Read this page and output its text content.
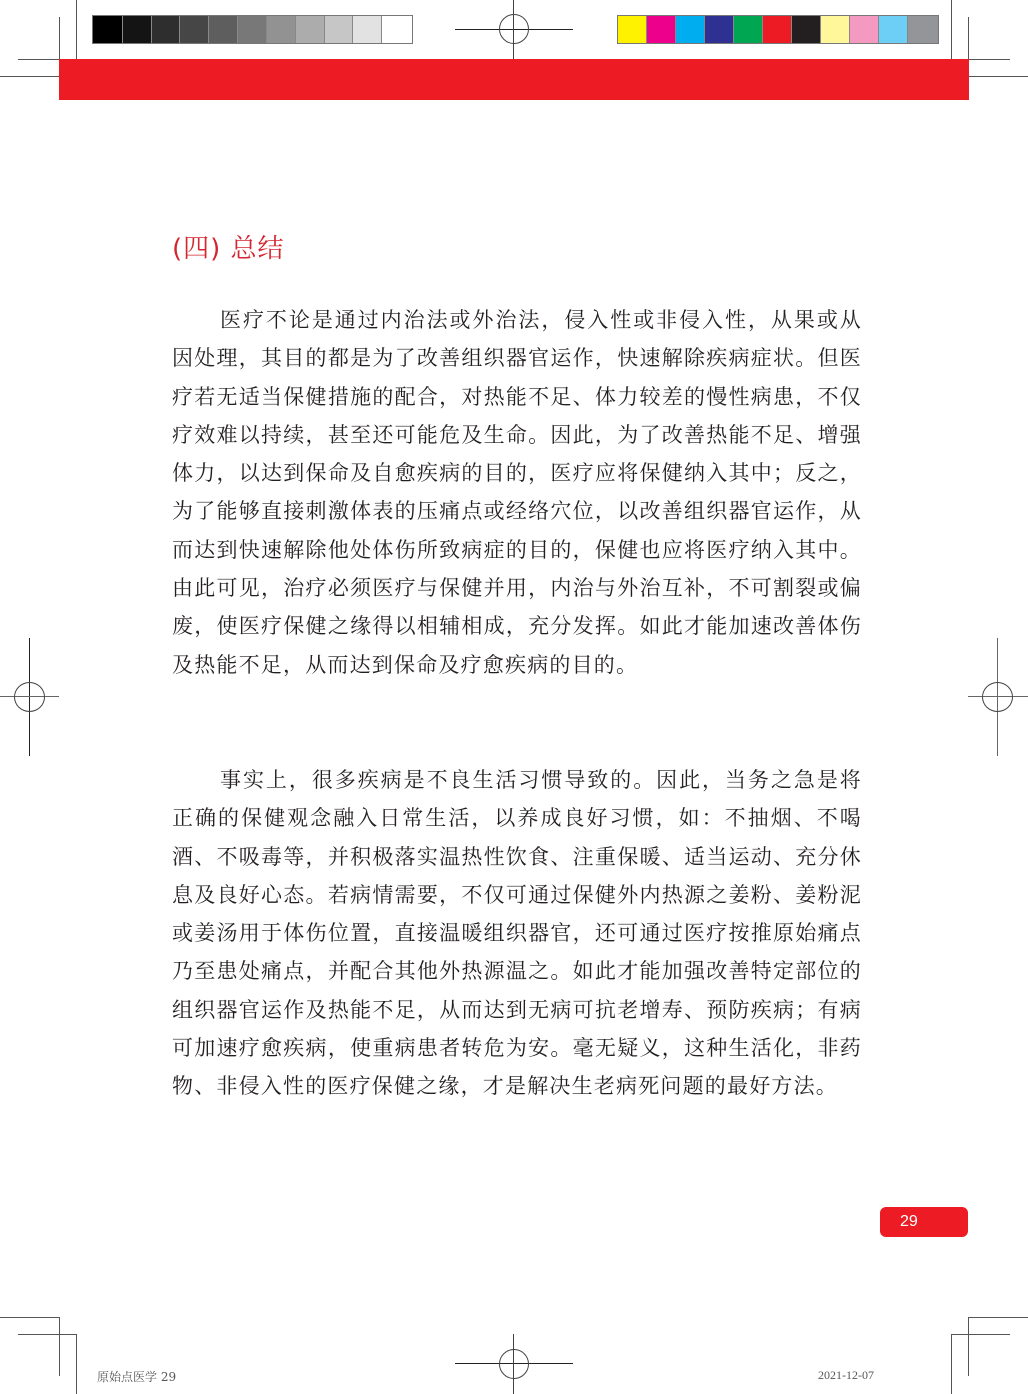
(四) 总结

医疗不论是通过内治法或外治法，侵入性或非侵入性，从果或从因处理，其目的都是为了改善组织器官运作，快速解除疾病症状。但医疗若无适当保健措施的配合，对热能不足、体力较差的慢性病患，不仅疗效难以持续，甚至还可能危及生命。因此，为了改善热能不足、增强体力，以达到保命及自愈疾病的目的，医疗应将保健纳入其中；反之，为了能够直接刺激体表的压痛点或经络穴位，以改善组织器官运作，从而达到快速解除他处体伤所致病症的目的，保健也应将医疗纳入其中。由此可见，治疗必须医疗与保健并用，内治与外治互补，不可割裂或偏废，使医疗保健之缘得以相辅相成，充分发挥。如此才能加速改善体伤及热能不足，从而达到保命及疗愈疾病的目的。

事实上，很多疾病是不良生活习惯导致的。因此，当务之急是将正确的保健观念融入日常生活，以养成良好习惯，如：不抽烟、不喝酒、不吸毒等，并积极落实温热性饮食、注重保暖、适当运动、充分休息及良好心态。若病情需要，不仅可通过保健外内热源之姜粉、姜粉泥或姜汤用于体伤位置，直接温暖组织器官，还可通过医疗按推原始痛点乃至患处痛点，并配合其他外热源温之。如此才能加强改善特定部位的组织器官运作及热能不足，从而达到无病可抗老增寿、预防疾病；有病可加速疗愈疾病，使重病患者转危为安。毫无疑义，这种生活化，非药物、非侵入性的医疗保健之缘，才是解决生老病死问题的最好方法。

29
原始点医学 29	2021-12-07
